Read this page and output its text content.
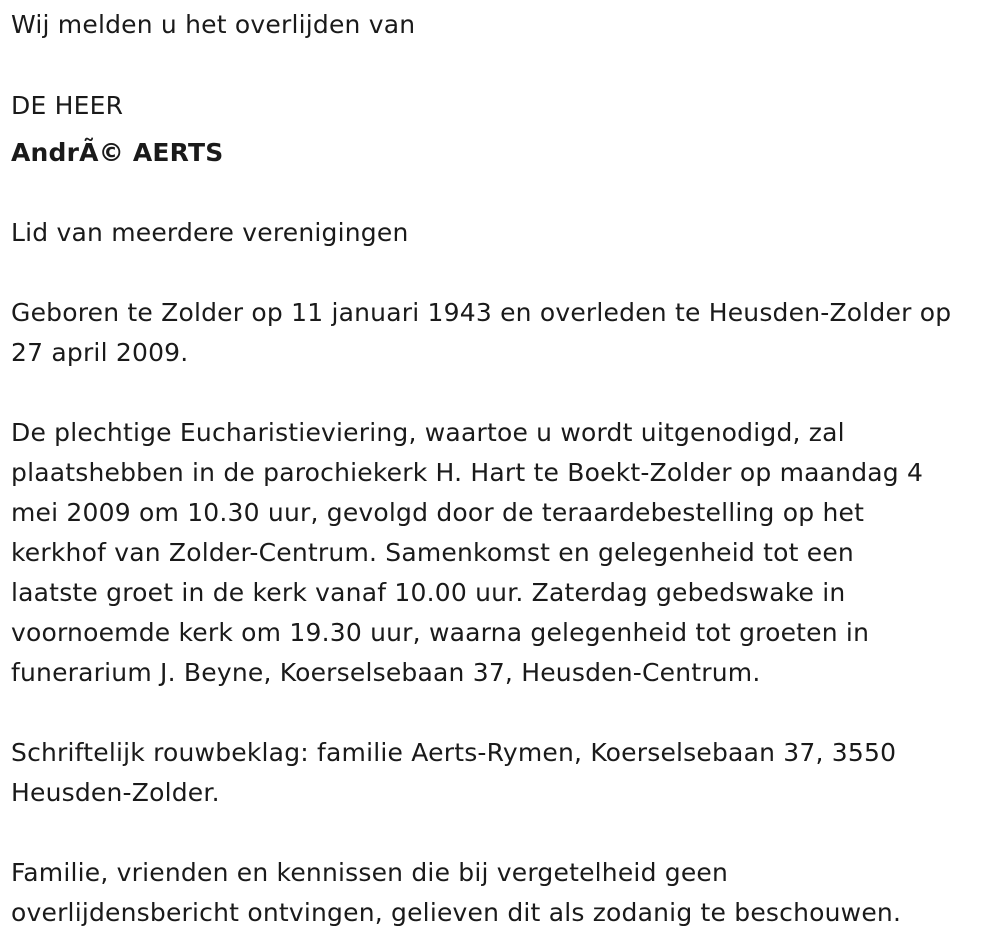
Wij melden u het overlijden van

DE HEER

AndrÃ© AERTS

Lid van meerdere verenigingen

Geboren te Zolder op 11 januari 1943 en overleden te Heusden-Zolder op

27 april 2009.

De plechtige Eucharistieviering, waartoe u wordt uitgenodigd, zal

plaatshebben in de parochiekerk H. Hart te Boekt-Zolder op maandag 4

mei 2009 om 10.30 uur, gevolgd door de teraardebestelling op het

kerkhof van Zolder-Centrum. Samenkomst en gelegenheid tot een

laatste groet in de kerk vanaf 10.00 uur. Zaterdag gebedswake in

voornoemde kerk om 19.30 uur, waarna gelegenheid tot groeten in

funerarium J. Beyne, Koerselsebaan 37, Heusden-Centrum.

Schriftelijk rouwbeklag: familie Aerts-Rymen, Koerselsebaan 37, 3550

Heusden-Zolder.

Familie, vrienden en kennissen die bij vergetelheid geen

overlijdensbericht ontvingen, gelieven dit als zodanig te beschouwen.
